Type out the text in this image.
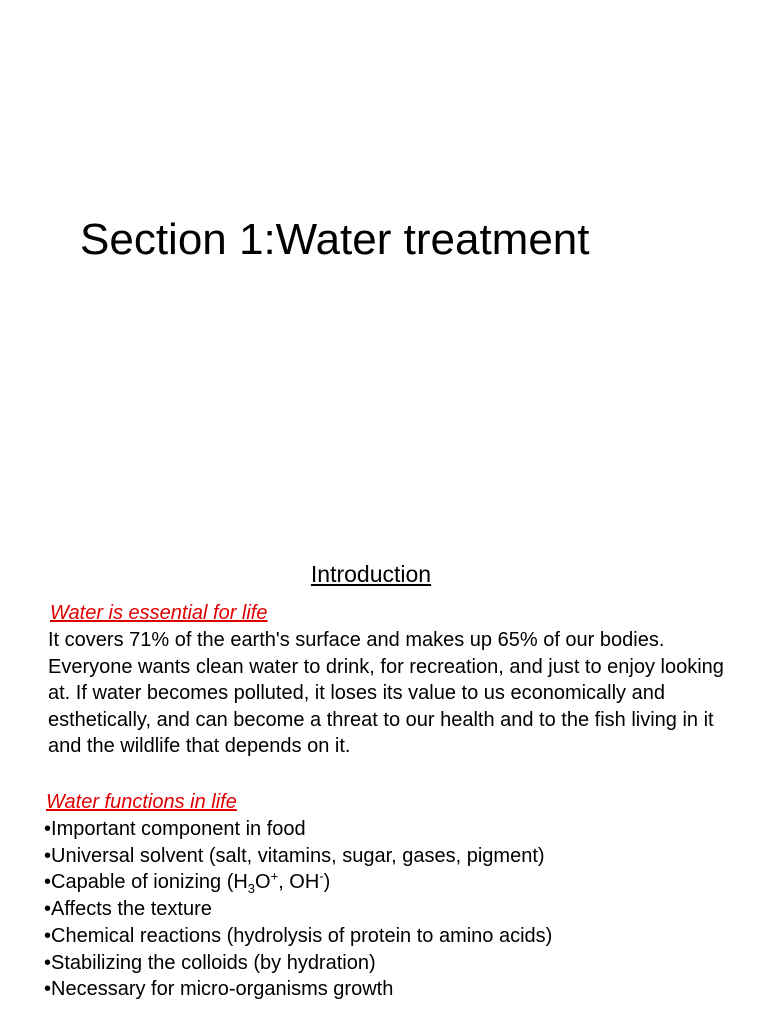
Section 1:Water treatment
Introduction
Water is essential for life

It covers 71% of the earth's surface and makes up 65% of our bodies. Everyone wants clean water to drink, for recreation, and just to enjoy looking at. If water becomes polluted, it loses its value to us economically and esthetically, and can become a threat to our health and to the fish living in it and the wildlife that depends on it.

Water functions in life
•Important component in food
•Universal solvent (salt, vitamins, sugar, gases, pigment)
•Capable of ionizing ($H_3O^+$, OH-)
•Affects the texture
•Chemical reactions (hydrolysis of protein to amino acids)
•Stabilizing the colloids (by hydration)
•Necessary for micro-organisms growth
